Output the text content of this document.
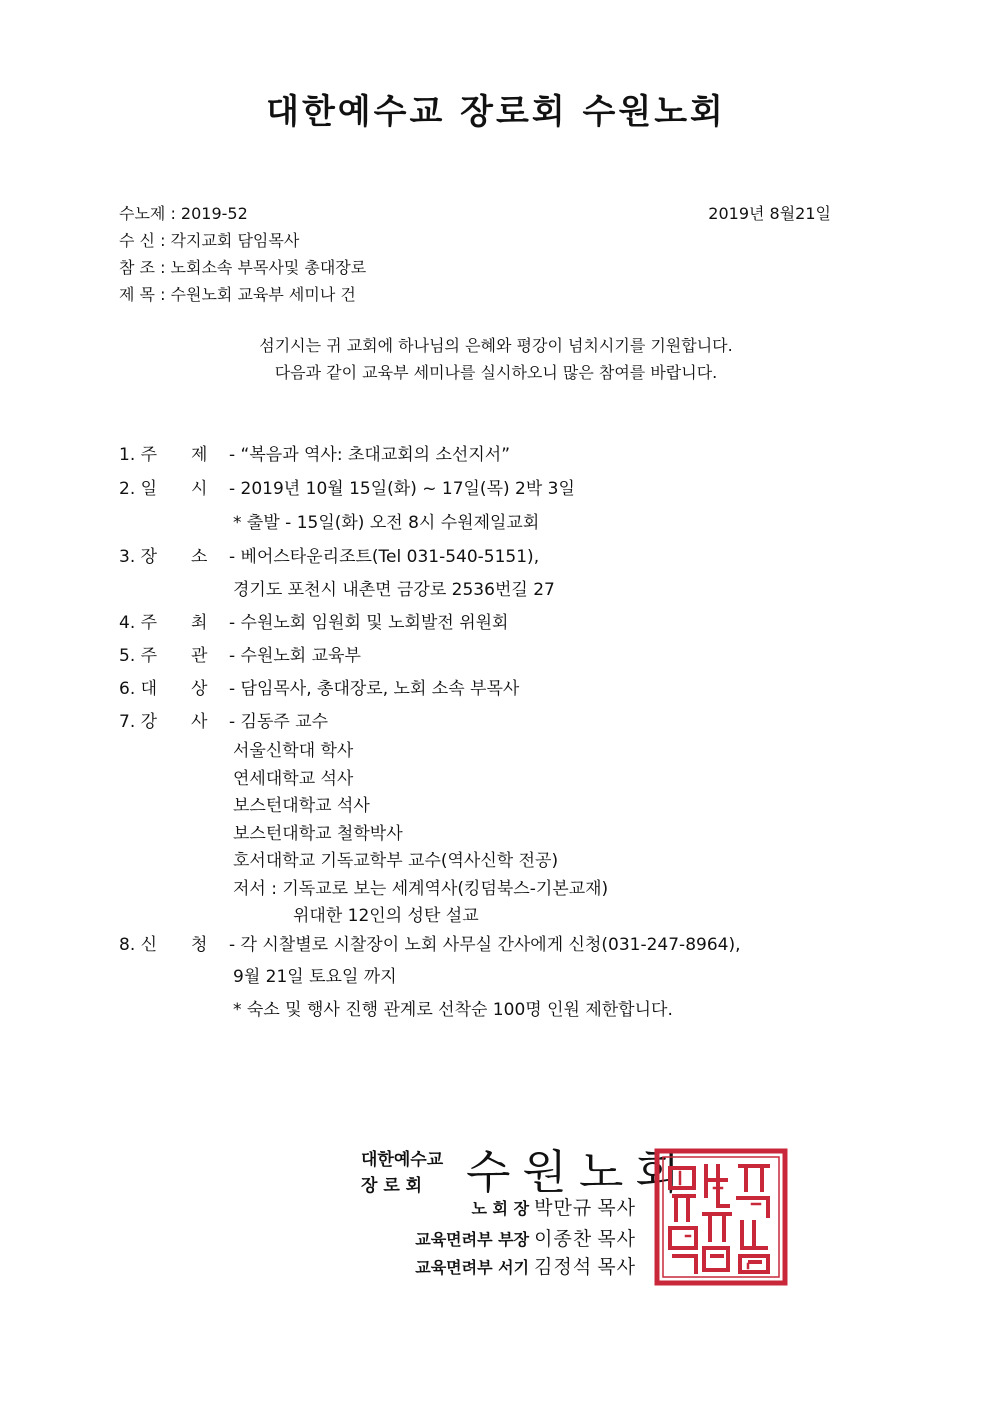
대한예수교 장로회 수원노회
수노제 : 2019-52	2019년 8월21일
수 신 : 각지교회 담임목사
참 조 : 노회소속 부목사및 총대장로
제 목 : 수원노회 교육부 세미나 건
섬기시는 귀 교회에 하나님의 은혜와 평강이 넘치시기를 기원합니다.
다음과 같이 교육부 세미나를 실시하오니 많은 참여를 바랍니다.
1. 주 제 - “복음과 역사: 초대교회의 소선지서”
2. 일 시 - 2019년 10월 15일(화) ~ 17일(목) 2박 3일
* 출발 - 15일(화) 오전 8시 수원제일교회
3. 장 소 - 베어스타운리조트(Tel 031-540-5151),
경기도 포천시 내촌면 금강로 2536번길 27
4. 주 최 - 수원노회 임원회 및 노회발전 위원회
5. 주 관 - 수원노회 교육부
6. 대 상 - 담임목사, 총대장로, 노회 소속 부목사
7. 강 사 - 김동주 교수
서울신학대 학사
연세대학교 석사
보스턴대학교 석사
보스턴대학교 철학박사
호서대학교 기독교학부 교수(역사신학 전공)
저서 : 기독교로 보는 세계역사(킹덤북스-기본교재)
위대한 12인의 성탄 설교
8. 신 청 - 각 시찰별로 시찰장이 노회 사무실 간사에게 신청(031-247-8964),
9월 21일 토요일 까지
* 숙소 및 행사 진행 관계로 선착순 100명 인원 제한합니다.
대한예수교
장 로 회 수원노회
노 회 장 박만규 목사
교육면려부 부장 이종찬 목사
교육면려부 서기 김정석 목사
